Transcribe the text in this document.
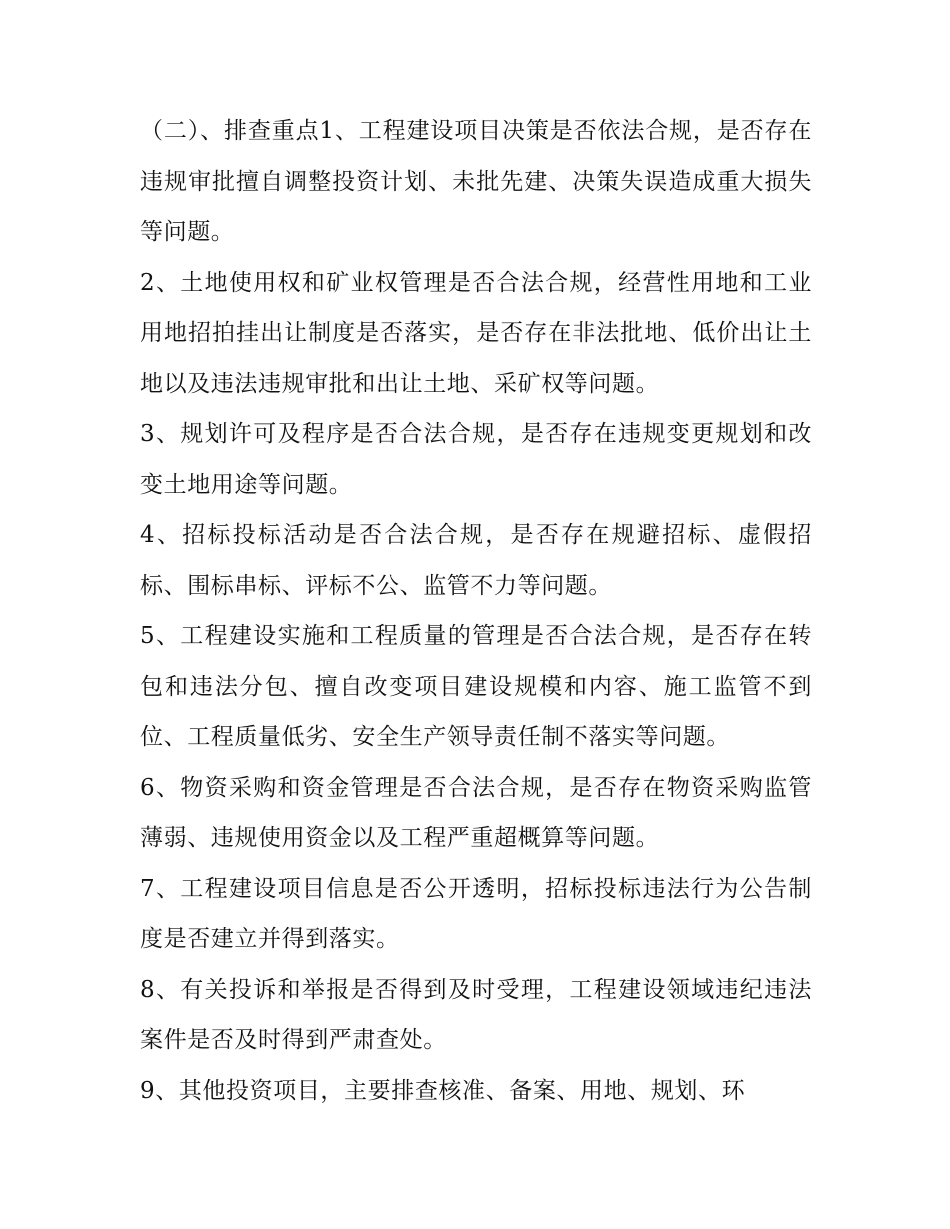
（二）、排查重点1、工程建设项目决策是否依法合规，是否存在违规审批擅自调整投资计划、未批先建、决策失误造成重大损失等问题。

2、土地使用权和矿业权管理是否合法合规，经营性用地和工业用地招拍挂出让制度是否落实，是否存在非法批地、低价出让土地以及违法违规审批和出让土地、采矿权等问题。

3、规划许可及程序是否合法合规，是否存在违规变更规划和改变土地用途等问题。

4、招标投标活动是否合法合规，是否存在规避招标、虚假招标、围标串标、评标不公、监管不力等问题。

5、工程建设实施和工程质量的管理是否合法合规，是否存在转包和违法分包、擅自改变项目建设规模和内容、施工监管不到位、工程质量低劣、安全生产领导责任制不落实等问题。

6、物资采购和资金管理是否合法合规，是否存在物资采购监管薄弱、违规使用资金以及工程严重超概算等问题。

7、工程建设项目信息是否公开透明，招标投标违法行为公告制度是否建立并得到落实。

8、有关投诉和举报是否得到及时受理，工程建设领域违纪违法案件是否及时得到严肃查处。

9、其他投资项目，主要排查核准、备案、用地、规划、环
